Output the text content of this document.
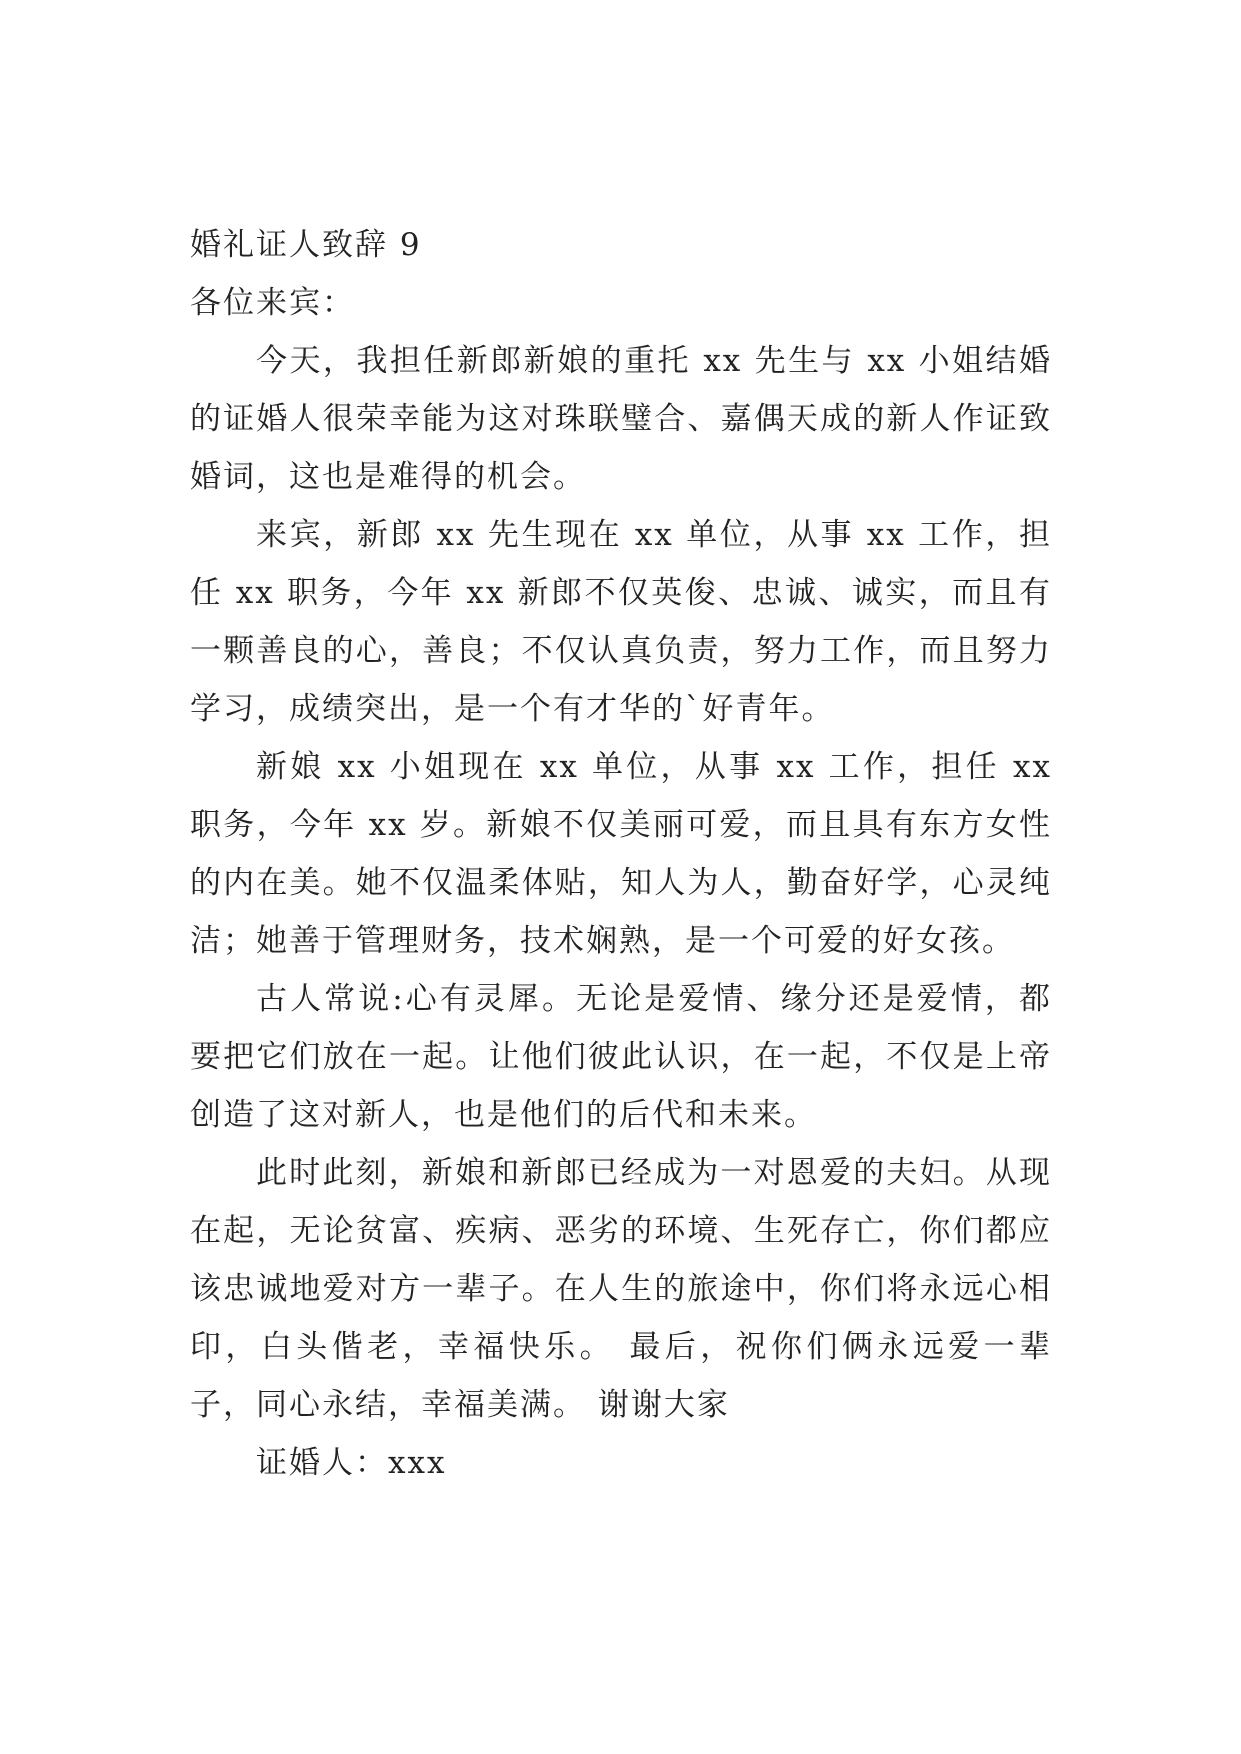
婚礼证人致辞 9

各位来宾：

今天，我担任新郎新娘的重托 xx 先生与 xx 小姐结婚的证婚人很荣幸能为这对珠联璧合、嘉偶天成的新人作证致婚词，这也是难得的机会。

来宾，新郎 xx 先生现在 xx 单位，从事 xx 工作，担任 xx 职务，今年 xx 新郎不仅英俊、忠诚、诚实，而且有一颗善良的心，善良；不仅认真负责，努力工作，而且努力学习，成绩突出，是一个有才华的`好青年。

新娘 xx 小姐现在 xx 单位，从事 xx 工作，担任 xx 职务，今年 xx 岁。新娘不仅美丽可爱，而且具有东方女性的内在美。她不仅温柔体贴，知人为人，勤奋好学，心灵纯洁；她善于管理财务，技术娴熟，是一个可爱的好女孩。

古人常说:心有灵犀。无论是爱情、缘分还是爱情，都要把它们放在一起。让他们彼此认识，在一起，不仅是上帝创造了这对新人，也是他们的后代和未来。

此时此刻，新娘和新郎已经成为一对恩爱的夫妇。从现在起，无论贫富、疾病、恶劣的环境、生死存亡，你们都应该忠诚地爱对方一辈子。在人生的旅途中，你们将永远心相印，白头偕老，幸福快乐。 最后，祝你们俩永远爱一辈子，同心永结，幸福美满。 谢谢大家

证婚人：xxx
